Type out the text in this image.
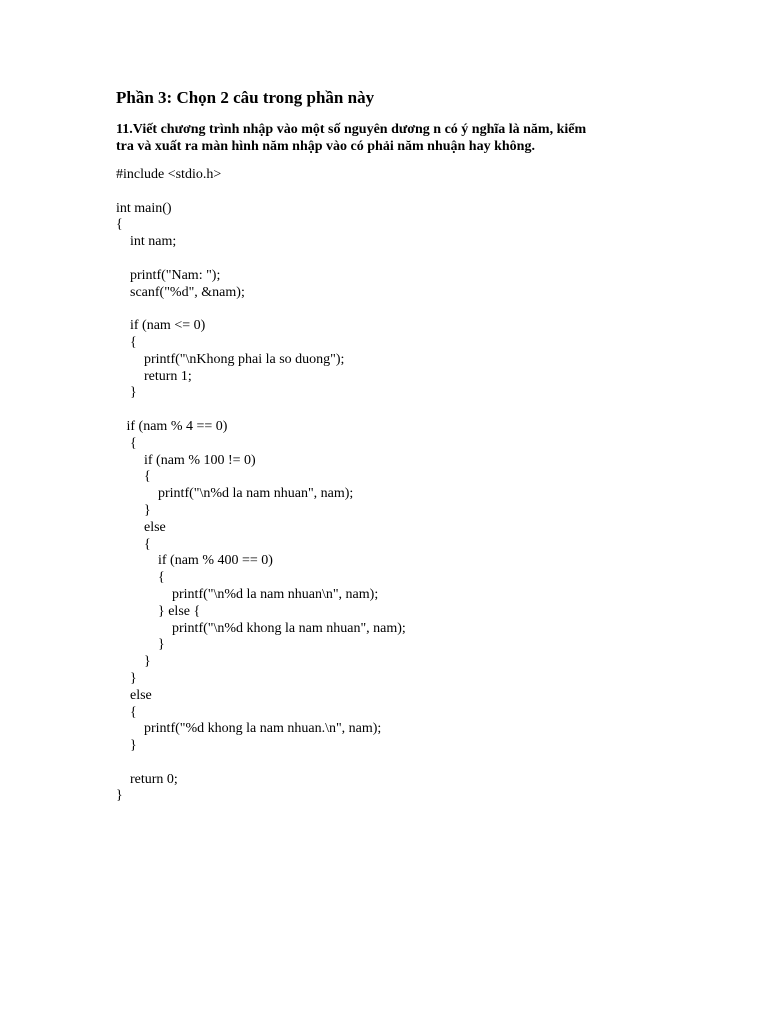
Phần 3: Chọn 2 câu trong phần này

11.Viết chương trình nhập vào một số nguyên dương n có ý nghĩa là năm, kiểm
tra và xuất ra màn hình năm nhập vào có phải năm nhuận hay không.

#include <stdio.h>
int main()
{
int nam;
printf("Nam: ");
scanf("%d", &nam);
if (nam <= 0)
{
printf("\nKhong phai la so duong");
return 1;
}
if (nam % 4 == 0)
{
if (nam % 100 != 0)
{
printf("\n%d la nam nhuan", nam);
}
else
{
if (nam % 400 == 0)
{
printf("\n%d la nam nhuan\n", nam);
} else {
printf("\n%d khong la nam nhuan", nam);
}
}
}
else
{
printf("%d khong la nam nhuan.\n", nam);
}
return 0;
}
